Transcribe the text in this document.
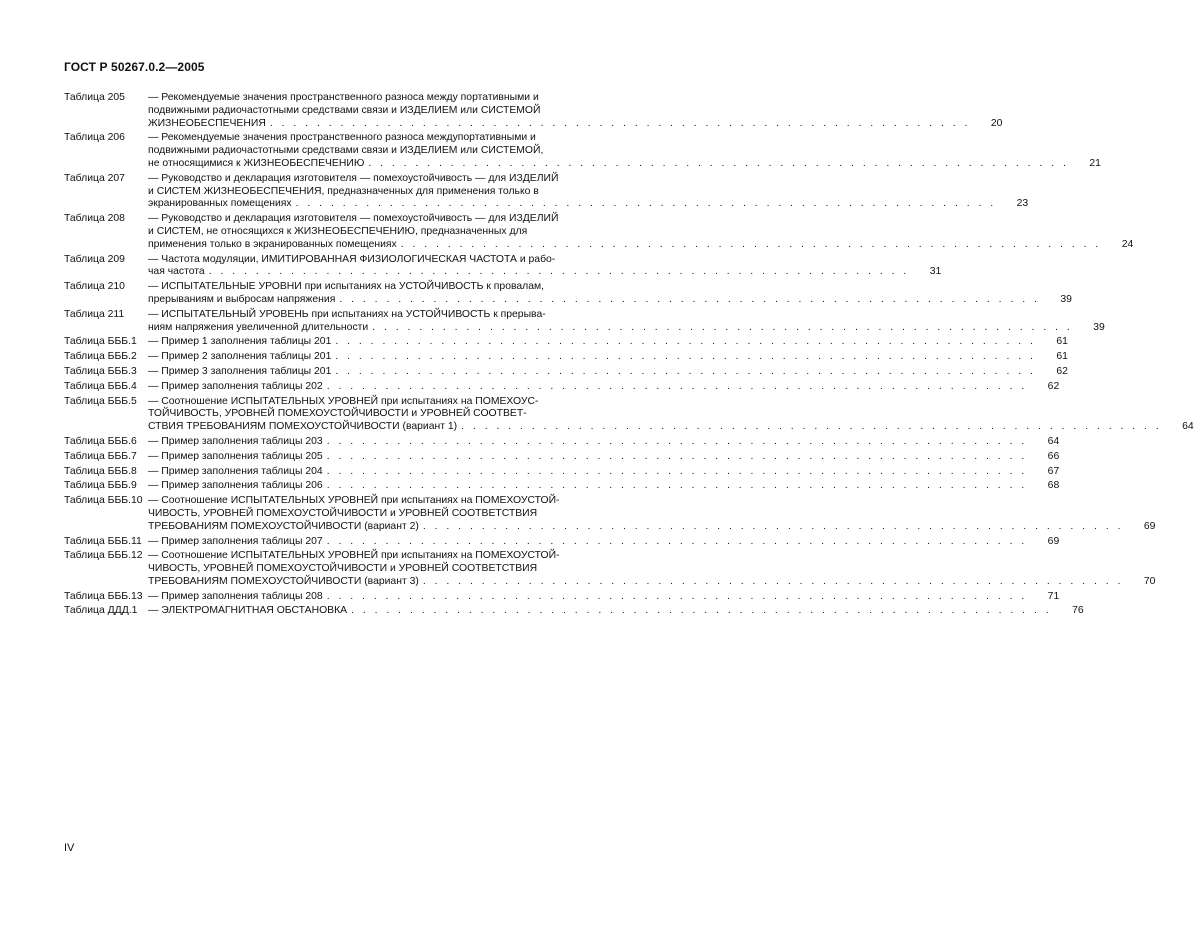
ГОСТ Р 50267.0.2—2005
Таблица 205	— Рекомендуемые значения пространственного разноса между портативными и
подвижными радиочастотными средствами связи и ИЗДЕЛИЕМ или СИСТЕМОЙ
ЖИЗНЕОБЕСПЕЧЕНИЯ . . . . . . . . . . . . . . . . . . . . . . . . . . . . . . . . . . . . . . . . . . . . . . . . . . . . . . . . . . . .	20
Таблица 206	— Рекомендуемые значения пространственного разноса междупортативными и
подвижными радиочастотными средствами связи и ИЗДЕЛИЕМ или СИСТЕМОЙ,
не относящимися к ЖИЗНЕОБЕСПЕЧЕНИЮ . . . . . . . . . . . . . . . . . . . . . . . . . . . . . . . . . . . . . . . . . . . . . . . . . . . . . . . . . . . .	21
Таблица 207	— Руководство и декларация изготовителя — помехоустойчивость — для ИЗДЕЛИЙ
и СИСТЕМ ЖИЗНЕОБЕСПЕЧЕНИЯ, предназначенных для применения только в
экранированных помещениях . . . . . . . . . . . . . . . . . . . . . . . . . . . . . . . . . . . . . . . . . . . . . . . . . . . . . . . . . . . .	23
Таблица 208	— Руководство и декларация изготовителя — помехоустойчивость — для ИЗДЕЛИЙ
и СИСТЕМ, не относящихся к ЖИЗНЕОБЕСПЕЧЕНИЮ, предназначенных для
применения только в экранированных помещениях . . . . . . . . . . . . . . . . . . . . . . . . . . . . . . . . . . . . . . . . . . . . . . . . . . . . . . . . . . . .	24
Таблица 209	— Частота модуляции, ИМИТИРОВАННАЯ ФИЗИОЛОГИЧЕСКАЯ ЧАСТОТА и рабо-
чая частота . . . . . . . . . . . . . . . . . . . . . . . . . . . . . . . . . . . . . . . . . . . . . . . . . . . . . . . . . . . .	31
Таблица 210	— ИСПЫТАТЕЛЬНЫЕ УРОВНИ при испытаниях на УСТОЙЧИВОСТЬ к провалам,
прерываниям и выбросам напряжения . . . . . . . . . . . . . . . . . . . . . . . . . . . . . . . . . . . . . . . . . . . . . . . . . . . . . . . . . . . .	39
Таблица 211	— ИСПЫТАТЕЛЬНЫЙ УРОВЕНЬ при испытаниях на УСТОЙЧИВОСТЬ к прерыва-
ниям напряжения увеличенной длительности . . . . . . . . . . . . . . . . . . . . . . . . . . . . . . . . . . . . . . . . . . . . . . . . . . . . . . . . . . . .	39
Таблица БББ.1	— Пример 1 заполнения таблицы 201 . . . . . . . . . . . . . . . . . . . . . . . . . . . . . . . . . . . . . . . . . . . . . . . . . . . . . . . . . . . .	61
Таблица БББ.2	— Пример 2 заполнения таблицы 201 . . . . . . . . . . . . . . . . . . . . . . . . . . . . . . . . . . . . . . . . . . . . . . . . . . . . . . . . . . . .	61
Таблица БББ.3	— Пример 3 заполнения таблицы 201 . . . . . . . . . . . . . . . . . . . . . . . . . . . . . . . . . . . . . . . . . . . . . . . . . . . . . . . . . . . .	62
Таблица БББ.4	— Пример заполнения таблицы 202 . . . . . . . . . . . . . . . . . . . . . . . . . . . . . . . . . . . . . . . . . . . . . . . . . . . . . . . . . . . .	62
Таблица БББ.5	— Соотношение ИСПЫТАТЕЛЬНЫХ УРОВНЕЙ при испытаниях на ПОМЕХОУС-
ТОЙЧИВОСТЬ, УРОВНЕЙ ПОМЕХОУСТОЙЧИВОСТИ и УРОВНЕЙ СООТВЕТ-
СТВИЯ ТРЕБОВАНИЯМ ПОМЕХОУСТОЙЧИВОСТИ (вариант 1) . . . . . . . . . . . . . . . . . . . . . . . . . . . . . . . . . . . . . . . . . . . . . . . . . . . . . . . . . . . .	64
Таблица БББ.6	— Пример заполнения таблицы 203 . . . . . . . . . . . . . . . . . . . . . . . . . . . . . . . . . . . . . . . . . . . . . . . . . . . . . . . . . . . .	64
Таблица БББ.7	— Пример заполнения таблицы 205 . . . . . . . . . . . . . . . . . . . . . . . . . . . . . . . . . . . . . . . . . . . . . . . . . . . . . . . . . . . .	66
Таблица БББ.8	— Пример заполнения таблицы 204 . . . . . . . . . . . . . . . . . . . . . . . . . . . . . . . . . . . . . . . . . . . . . . . . . . . . . . . . . . . .	67
Таблица БББ.9	— Пример заполнения таблицы 206 . . . . . . . . . . . . . . . . . . . . . . . . . . . . . . . . . . . . . . . . . . . . . . . . . . . . . . . . . . . .	68
Таблица БББ.10 — Соотношение ИСПЫТАТЕЛЬНЫХ УРОВНЕЙ при испытаниях на ПОМЕХОУСТОЙ-
ЧИВОСТЬ, УРОВНЕЙ ПОМЕХОУСТОЙЧИВОСТИ и УРОВНЕЙ СООТВЕТСТВИЯ
ТРЕБОВАНИЯМ ПОМЕХОУСТОЙЧИВОСТИ (вариант 2) . . . . . . . . . . . . . . . . . . . . . . . . . . . . . . . . . . . . . . . . . . . . . . . . . . . . . . . . . . . .	69
Таблица БББ.11 — Пример заполнения таблицы 207 . . . . . . . . . . . . . . . . . . . . . . . . . . . . . . . . . . . . . . . . . . . . . . . . . . . . . . . . . . . .	69
Таблица БББ.12 — Соотношение ИСПЫТАТЕЛЬНЫХ УРОВНЕЙ при испытаниях на ПОМЕХОУСТОЙ-
ЧИВОСТЬ, УРОВНЕЙ ПОМЕХОУСТОЙЧИВОСТИ и УРОВНЕЙ СООТВЕТСТВИЯ
ТРЕБОВАНИЯМ ПОМЕХОУСТОЙЧИВОСТИ (вариант 3) . . . . . . . . . . . . . . . . . . . . . . . . . . . . . . . . . . . . . . . . . . . . . . . . . . . . . . . . . . . .	70
Таблица БББ.13 — Пример заполнения таблицы 208 . . . . . . . . . . . . . . . . . . . . . . . . . . . . . . . . . . . . . . . . . . . . . . . . . . . . . . . . . . . .	71
Таблица ДДД.1	— ЭЛЕКТРОМАГНИТНАЯ ОБСТАНОВКА . . . . . . . . . . . . . . . . . . . . . . . . . . . . . . . . . . . . . . . . . . . . . . . . . . . . . . . . . . . .	76
IV
